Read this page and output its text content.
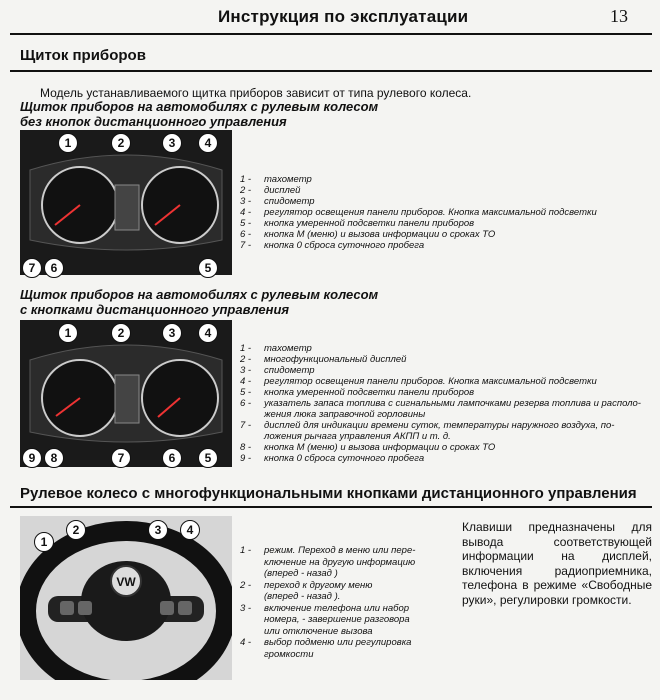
Инструкция по эксплуатации	13
Щиток приборов
Модель устанавливаемого щитка приборов зависит от типа рулевого колеса.
Щиток приборов на автомобилях с рулевым колесом
без кнопок дистанционного управления
1	2	3	4
5
6
7
1 -	тахометр
2 -	дисплей
3 -	спидометр
4 -	регулятор освещения панели приборов. Кнопка максимальной подсветки
5 -	кнопка умеренной подсветки панели приборов
6 -	кнопка М (меню) и вызова информации о сроках ТО
7 -	кнопка 0 сброса суточного пробега
Щиток приборов на автомобилях с рулевым колесом
с кнопками дистанционного управления
1	2	3	4
9	8	7	6	5
1 -	тахометр
2 -	многофункциональный дисплей
3 -	спидометр
4 -	регулятор освещения панели приборов. Кнопка максимальной подсветки
5 -	кнопка умеренной подсветки панели приборов
6 -	указатель запаса топлива с сигнальными лампочками резерва топлива и располо-
жения люка заправочной горловины
7 -	дисплей для индикации времени суток, температуры наружного воздуха, по-
ложения рычага управления АКПП и т. д.
8 -	кнопка М (меню) и вызова информации о сроках ТО
9 -	кнопка 0 сброса суточного пробега
Рулевое колесо с многофункциональными кнопками дистанционного управления
VW
1
2	3	4
1 -	режим. Переход в меню или пере-
ключение на другую информацию
(вперед - назад )
2 -	переход к другому меню
(вперед - назад ).
3 -	включение телефона или набор
номера, - завершение разговора
или отключение вызова
4 -	выбор подменю или регулировка
громкости
Клавиши предназначены для вывода соответствующей информации на дисплей, включения радиоприемника, телефона в режиме «Свободные руки», регулировки громкости.
